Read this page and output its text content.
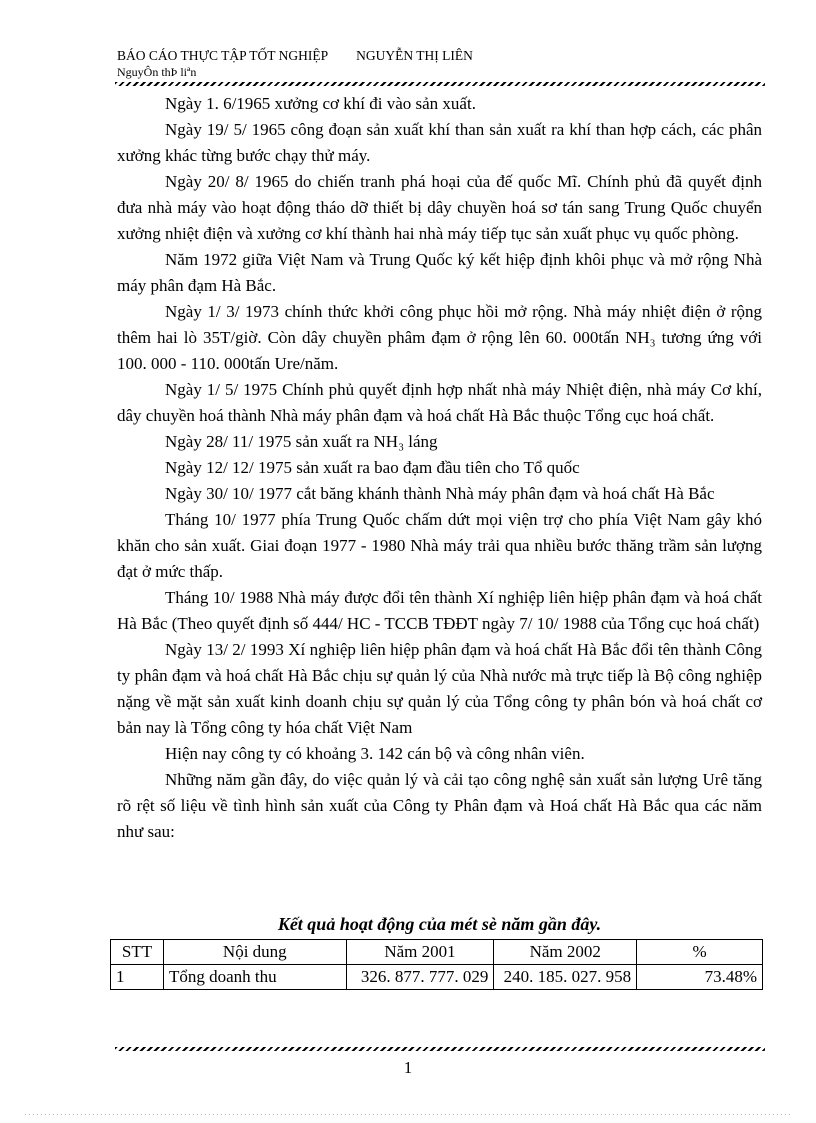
BÁO CÁO THỰC TẬP TỐT NGHIỆP NGUYỄN THỊ LIÊN
NguyÔn thÞ liªn

Ngày 1. 6/1965 xưởng cơ khí đi vào sản xuất.

Ngày 19/ 5/ 1965 công đoạn sản xuất khí than sản xuất ra khí than hợp cách, các phân xưởng khác từng bước chạy thử máy.

Ngày 20/ 8/ 1965 do chiến tranh phá hoại của đế quốc Mĩ. Chính phủ đã quyết định đưa nhà máy vào hoạt động tháo dỡ thiết bị dây chuyền hoá sơ tán sang Trung Quốc chuyển xưởng nhiệt điện và xưởng cơ khí thành hai nhà máy tiếp tục sản xuất phục vụ quốc phòng.

Năm 1972 giữa Việt Nam và Trung Quốc ký kết hiệp định khôi phục và mở rộng Nhà máy phân đạm Hà Bắc.

Ngày 1/ 3/ 1973 chính thức khởi công phục hồi mở rộng. Nhà máy nhiệt điện ở rộng thêm hai lò 35T/giờ. Còn dây chuyền phâm đạm ở rộng lên 60. 000tấn NH₃ tương ứng với 100. 000 - 110. 000tấn Ure/năm.

Ngày 1/ 5/ 1975 Chính phủ quyết định hợp nhất nhà máy Nhiệt điện, nhà máy Cơ khí, dây chuyền hoá thành Nhà máy phân đạm và hoá chất Hà Bắc thuộc Tổng cục hoá chất.

Ngày 28/ 11/ 1975 sản xuất ra NH₃ láng

Ngày 12/ 12/ 1975 sản xuất ra bao đạm đầu tiên cho Tổ quốc

Ngày 30/ 10/ 1977 cắt băng khánh thành Nhà máy phân đạm và hoá chất Hà Bắc

Tháng 10/ 1977 phía Trung Quốc chấm dứt mọi viện trợ cho phía Việt Nam gây khó khăn cho sản xuất. Giai đoạn 1977 - 1980 Nhà máy trải qua nhiều bước thăng trầm sản lượng đạt ở mức thấp.

Tháng 10/ 1988 Nhà máy được đổi tên thành Xí nghiệp liên hiệp phân đạm và hoá chất Hà Bắc (Theo quyết định số 444/ HC - TCCB TĐĐT ngày 7/ 10/ 1988 của Tổng cục hoá chất)

Ngày 13/ 2/ 1993 Xí nghiệp liên hiệp phân đạm và hoá chất Hà Bắc đổi tên thành Công ty phân đạm và hoá chất Hà Bắc chịu sự quản lý của Nhà nước mà trực tiếp là Bộ công nghiệp nặng về mặt sản xuất kinh doanh chịu sự quản lý của Tổng công ty phân bón và hoá chất cơ bản nay là Tổng công ty hóa chất Việt Nam

Hiện nay công ty có khoảng 3. 142 cán bộ và công nhân viên.

Những năm gần đây, do việc quản lý và cải tạo công nghệ sản xuất sản lượng Urê tăng rõ rệt số liệu về tình hình sản xuất của Công ty Phân đạm và Hoá chất Hà Bắc qua các năm như sau:

Kết quả hoạt động của mét sè năm gần đây.
STT	Nội dung	Năm 2001	Năm 2002	%
1	Tổng doanh thu	326. 877. 777. 029	240. 185. 027. 958	73.48%
1
